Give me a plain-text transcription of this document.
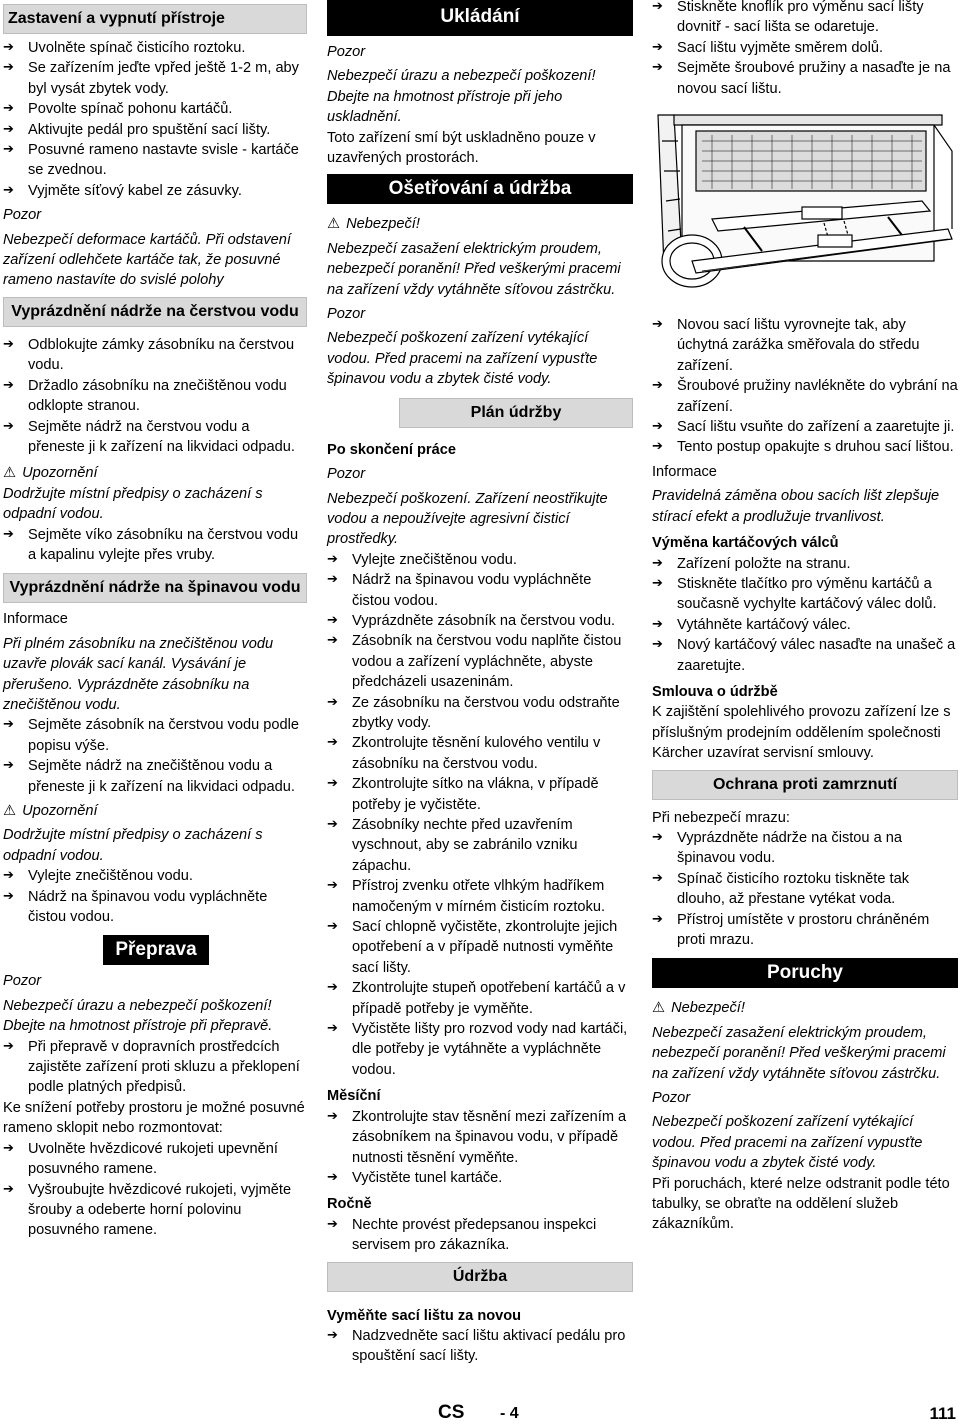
Zastavení a vypnutí přístroje
➔ Uvolněte spínač čisticího roztoku.
➔ Se zařízením jeďte vpřed ještě 1-2 m, aby byl vysát zbytek vody.
➔ Povolte spínač pohonu kartáčů.
➔ Aktivujte pedál pro spuštění sací lišty.
➔ Posuvné rameno nastavte svisle - kartáče se zvednou.
➔ Vyjměte síťový kabel ze zásuvky.

Pozor

Nebezpečí deformace kartáčů. Při odstavení zařízení odlehčete kartáče tak, že posuvné rameno nastavíte do svislé polohy

Vyprázdnění nádrže na čerstvou vodu
➔ Odblokujte zámky zásobníku na čerstvou vodu.
➔ Držadlo zásobníku na znečištěnou vodu odklopte stranou.
➔ Sejměte nádrž na čerstvou vodu a přeneste ji k zařízení na likvidaci odpadu.

⚠ Upozornění

Dodržujte místní předpisy o zacházení s odpadní vodou.

➔ Sejměte víko zásobníku na čerstvou vodu a kapalinu vylejte přes vruby.
Vyprázdnění nádrže na špinavou vodu

Informace

Při plném zásobníku na znečištěnou vodu uzavře plovák sací kanál. Vysávání je přerušeno. Vyprázdněte zásobníku na znečištěnou vodu.

➔ Sejměte zásobník na čerstvou vodu podle popisu výše.
➔ Sejměte nádrž na znečištěnou vodu a přeneste ji k zařízení na likvidaci odpadu.

⚠ Upozornění

Dodržujte místní předpisy o zacházení s odpadní vodou.

➔ Vylejte znečištěnou vodu.
➔ Nádrž na špinavou vodu vypláchněte čistou vodou.
Přeprava

Pozor

Nebezpečí úrazu a nebezpečí poškození! Dbejte na hmotnost přístroje při přepravě.

➔ Při přepravě v dopravních prostředcích zajistěte zařízení proti skluzu a překlopení podle platných předpisů.

Ke snížení potřeby prostoru je možné posuvné rameno sklopit nebo rozmontovat:

➔ Uvolněte hvězdicové rukojeti upevnění posuvného ramene.
➔ Vyšroubujte hvězdicové rukojeti, vyjměte šrouby a odeberte horní polovinu posuvného ramene.
Ukládání

Pozor

Nebezpečí úrazu a nebezpečí poškození! Dbejte na hmotnost přístroje při jeho uskladnění.

Toto zařízení smí být uskladněno pouze v uzavřených prostorách.

Ošetřování a údržba

⚠ Nebezpečí!

Nebezpečí zasažení elektrickým proudem, nebezpečí poranění! Před veškerými pracemi na zařízení vždy vytáhněte síťovou zástrčku.

Pozor

Nebezpečí poškození zařízení vytékající vodou. Před pracemi na zařízení vypusťte špinavou vodu a zbytek čisté vody.

Plán údržby

Po skončení práce

Pozor

Nebezpečí poškození. Zařízení neostřikujte vodou a nepoužívejte agresivní čisticí prostředky.

➔ Vylejte znečištěnou vodu.
➔ Nádrž na špinavou vodu vypláchněte čistou vodou.
➔ Vyprázdněte zásobník na čerstvou vodu.
➔ Zásobník na čerstvou vodu naplňte čistou vodou a zařízení vypláchněte, abyste předcházeli usazeninám.
➔ Ze zásobníku na čerstvou vodu odstraňte zbytky vody.
➔ Zkontrolujte těsnění kulového ventilu v zásobníku na čerstvou vodu.
➔ Zkontrolujte sítko na vlákna, v případě potřeby je vyčistěte.
➔ Zásobníky nechte před uzavřením vyschnout, aby se zabránilo vzniku zápachu.
➔ Přístroj zvenku otřete vlhkým hadříkem namočeným v mírném čisticím roztoku.
➔ Sací chlopně vyčistěte, zkontrolujte jejich opotřebení a v případě nutnosti vyměňte sací lišty.
➔ Zkontrolujte stupeň opotřebení kartáčů a v případě potřeby je vyměňte.
➔ Vyčistěte lišty pro rozvod vody nad kartáči, dle potřeby je vytáhněte a vypláchněte vodou.

Měsíční

➔ Zkontrolujte stav těsnění mezi zařízením a zásobníkem na špinavou vodu, v případě nutnosti těsnění vyměňte.
➔ Vyčistěte tunel kartáče.

Ročně

➔ Nechte provést předepsanou inspekci servisem pro zákazníka.
Údržba

Vyměňte sací lištu za novou

➔ Nadzvedněte sací lištu aktivací pedálu pro spouštění sací lišty.
➔ Stiskněte knoflík pro výměnu sací lišty dovnitř - sací lišta se odaretuje.
➔ Sací lištu vyjměte směrem dolů.
➔ Sejměte šroubové pružiny a nasaďte je na novou sací lištu.
➔ Novou sací lištu vyrovnejte tak, aby úchytná zarážka směřovala do středu zařízení.
➔ Šroubové pružiny navlékněte do vybrání na zařízení.
➔ Sací lištu vsuňte do zařízení a zaaretujte ji.
➔ Tento postup opakujte s druhou sací lištou.

Informace

Pravidelná záměna obou sacích lišt zlepšuje stírací efekt a prodlužuje trvanlivost.

Výměna kartáčových válců

➔ Zařízení položte na stranu.
➔ Stiskněte tlačítko pro výměnu kartáčů a současně vychylte kartáčový válec dolů.
➔ Vytáhněte kartáčový válec.
➔ Nový kartáčový válec nasaďte na unašeč a zaaretujte.

Smlouva o údržbě

K zajištění spolehlivého provozu zařízení lze s příslušným prodejním oddělením společnosti Kärcher uzavírat servisní smlouvy.

Ochrana proti zamrznutí

Při nebezpečí mrazu:

➔ Vyprázdněte nádrže na čistou a na špinavou vodu.
➔ Spínač čisticího roztoku tiskněte tak dlouho, až přestane vytékat voda.
➔ Přístroj umístěte v prostoru chráněném proti mrazu.
Poruchy

⚠ Nebezpečí!

Nebezpečí zasažení elektrickým proudem, nebezpečí poranění! Před veškerými pracemi na zařízení vždy vytáhněte síťovou zástrčku.

Pozor

Nebezpečí poškození zařízení vytékající vodou. Před pracemi na zařízení vypusťte špinavou vodu a zbytek čisté vody.

Při poruchách, které nelze odstranit podle této tabulky, se obraťte na oddělení služeb zákazníkům.

CS - 4	111
